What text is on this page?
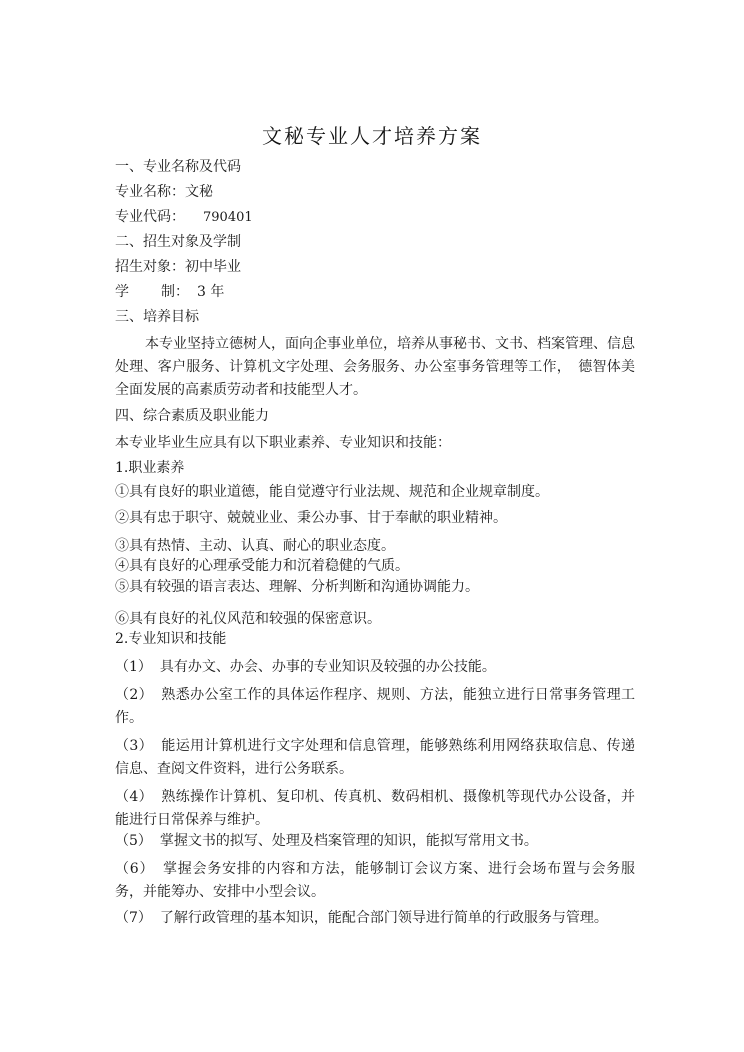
文秘专业人才培养方案
一、专业名称及代码
专业名称：文秘
专业代码： 790401
二、招生对象及学制
招生对象：初中毕业
学 制： 3 年
三、培养目标
本专业坚持立德树人，面向企事业单位，培养从事秘书、文书、档案管理、信息处理、客户服务、计算机文字处理、会务服务、办公室事务管理等工作，　德智体美全面发展的高素质劳动者和技能型人才。
四、综合素质及职业能力
本专业毕业生应具有以下职业素养、专业知识和技能：
1.职业素养
①具有良好的职业道德，能自觉遵守行业法规、规范和企业规章制度。
②具有忠于职守、兢兢业业、秉公办事、甘于奉献的职业精神。
③具有热情、主动、认真、耐心的职业态度。
④具有良好的心理承受能力和沉着稳健的气质。
⑤具有较强的语言表达、理解、分析判断和沟通协调能力。
⑥具有良好的礼仪风范和较强的保密意识。
2.专业知识和技能
（1） 具有办文、办会、办事的专业知识及较强的办公技能。
（2） 熟悉办公室工作的具体运作程序、规则、方法，能独立进行日常事务管理工作。
（3） 能运用计算机进行文字处理和信息管理，能够熟练利用网络获取信息、传递信息、查阅文件资料，进行公务联系。
（4） 熟练操作计算机、复印机、传真机、数码相机、摄像机等现代办公设备，并能进行日常保养与维护。
（5） 掌握文书的拟写、处理及档案管理的知识，能拟写常用文书。
（6） 掌握会务安排的内容和方法，能够制订会议方案、进行会场布置与会务服务，并能筹办、安排中小型会议。
（7） 了解行政管理的基本知识，能配合部门领导进行简单的行政服务与管理。
